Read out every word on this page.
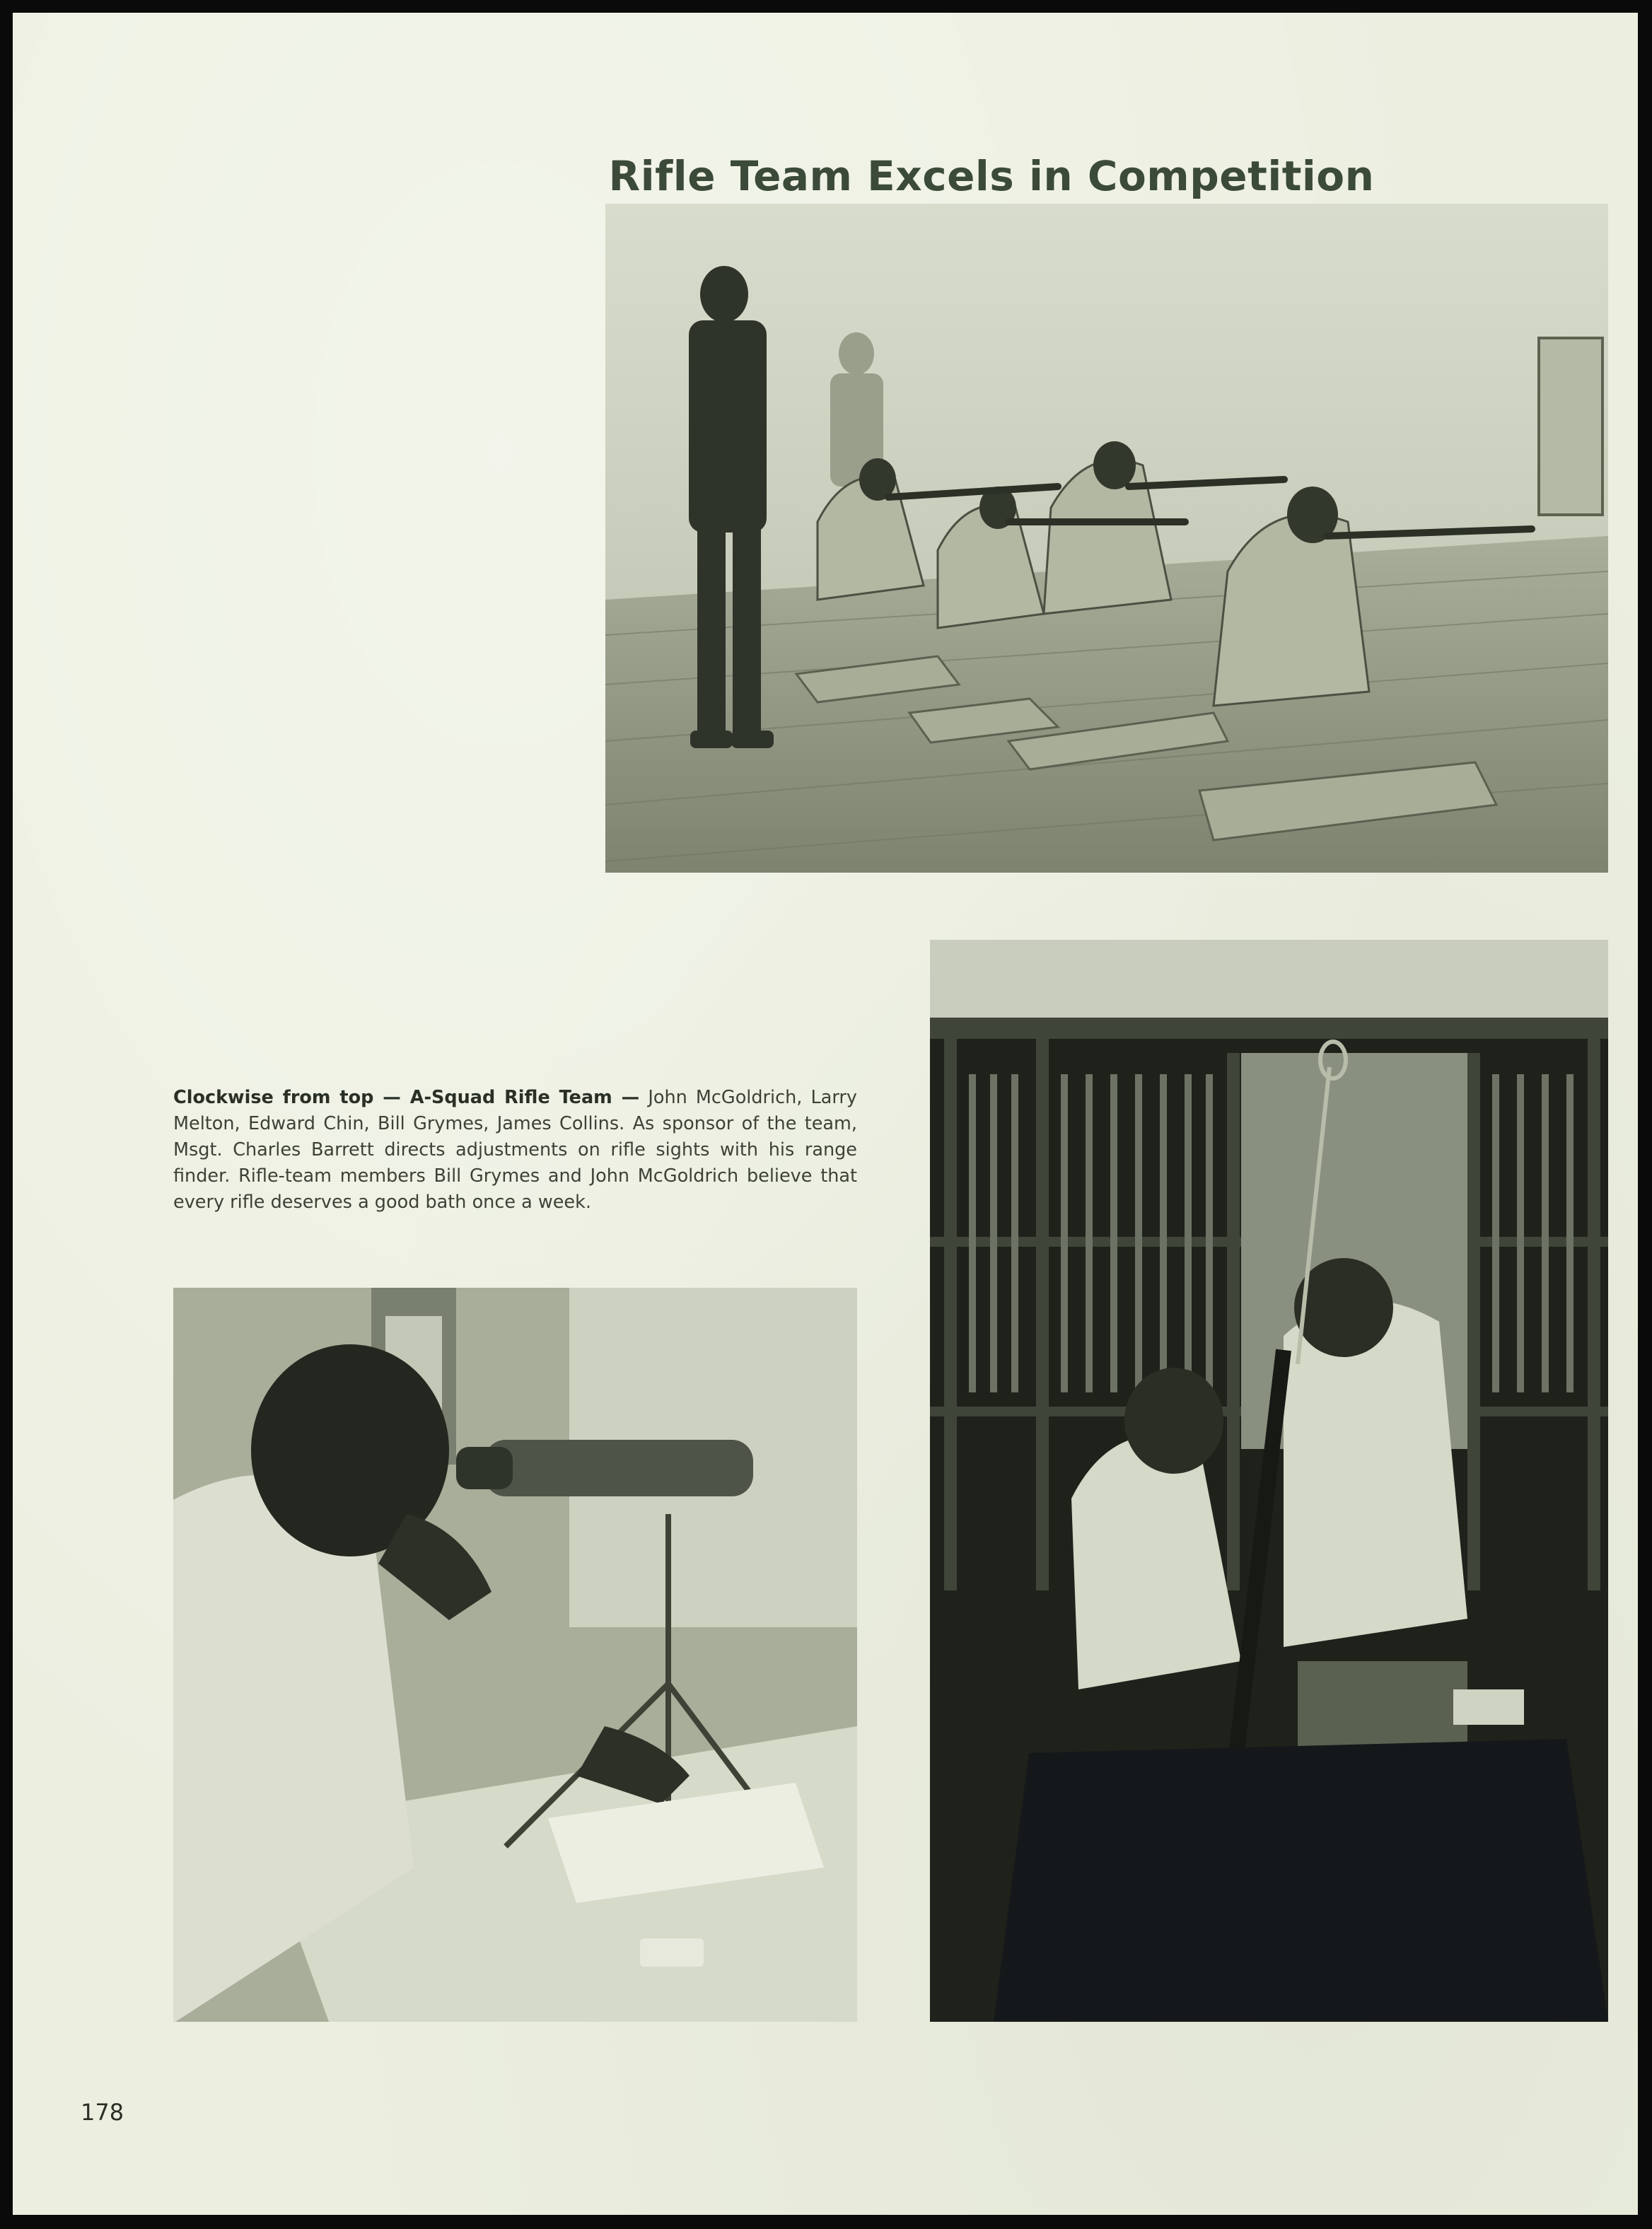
Rifle Team Excels in Competition

Clockwise from top — A-Squad Rifle Team — John McGoldrich, Larry Melton, Edward Chin, Bill Grymes, James Collins. As sponsor of the team, Msgt. Charles Barrett directs adjustments on rifle sights with his range finder. Rifle-team members Bill Grymes and John McGoldrich believe that every rifle deserves a good bath once a week.

178
